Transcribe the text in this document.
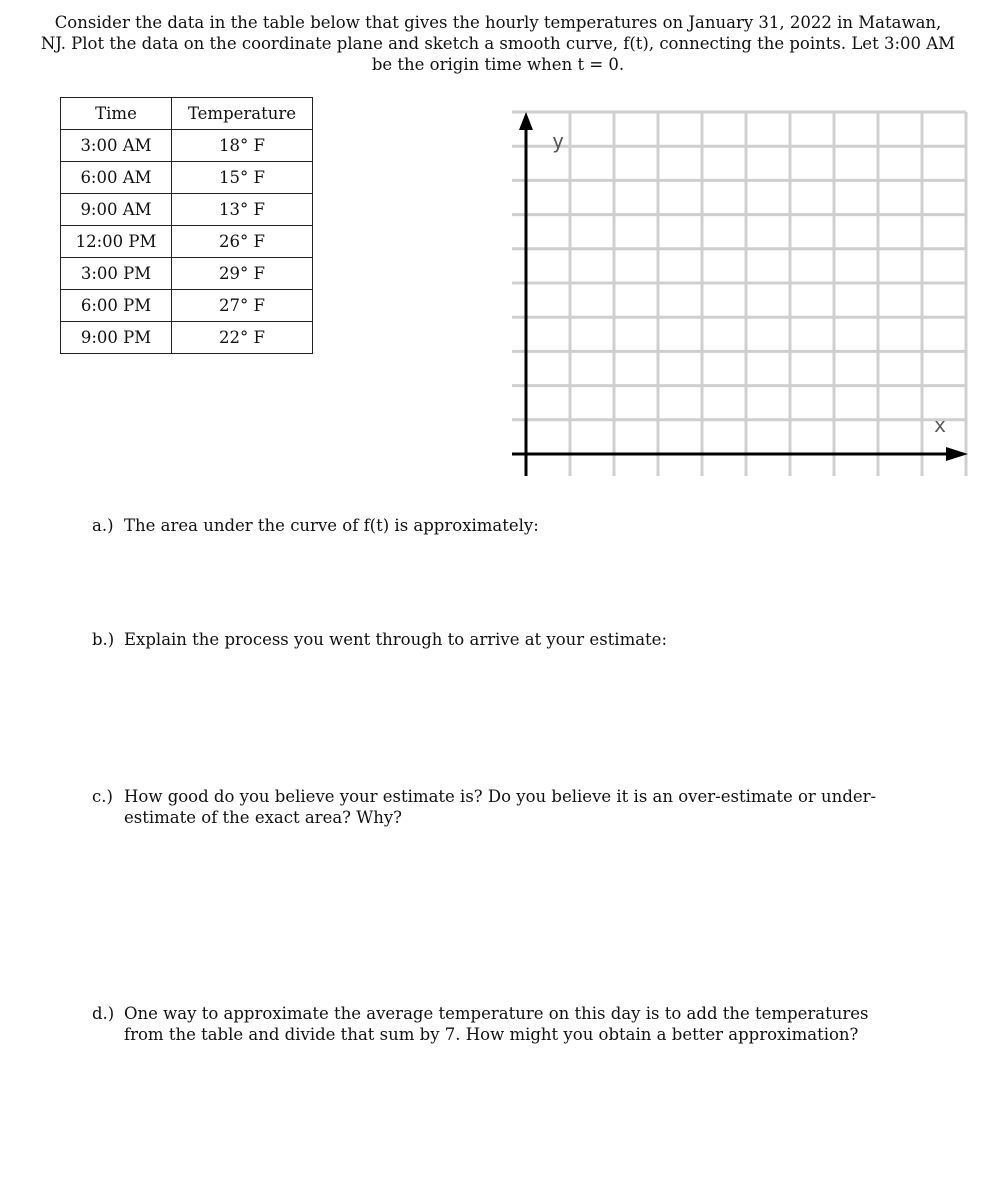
Consider the data in the table below that gives the hourly temperatures on January 31, 2022 in Matawan, NJ. Plot the data on the coordinate plane and sketch a smooth curve, f(t), connecting the points. Let 3:00 AM be the origin time when t = 0.

Time	Temperature
3:00 AM	18° F
6:00 AM	15° F
9:00 AM	13° F
12:00 PM	26° F
3:00 PM	29° F
6:00 PM	27° F
9:00 PM	22° F
y
x

a.) The area under the curve of f(t) is approximately:

b.) Explain the process you went through to arrive at your estimate:

c.) How good do you believe your estimate is? Do you believe it is an over-estimate or under-estimate of the exact area? Why?

d.) One way to approximate the average temperature on this day is to add the temperatures from the table and divide that sum by 7. How might you obtain a better approximation?
